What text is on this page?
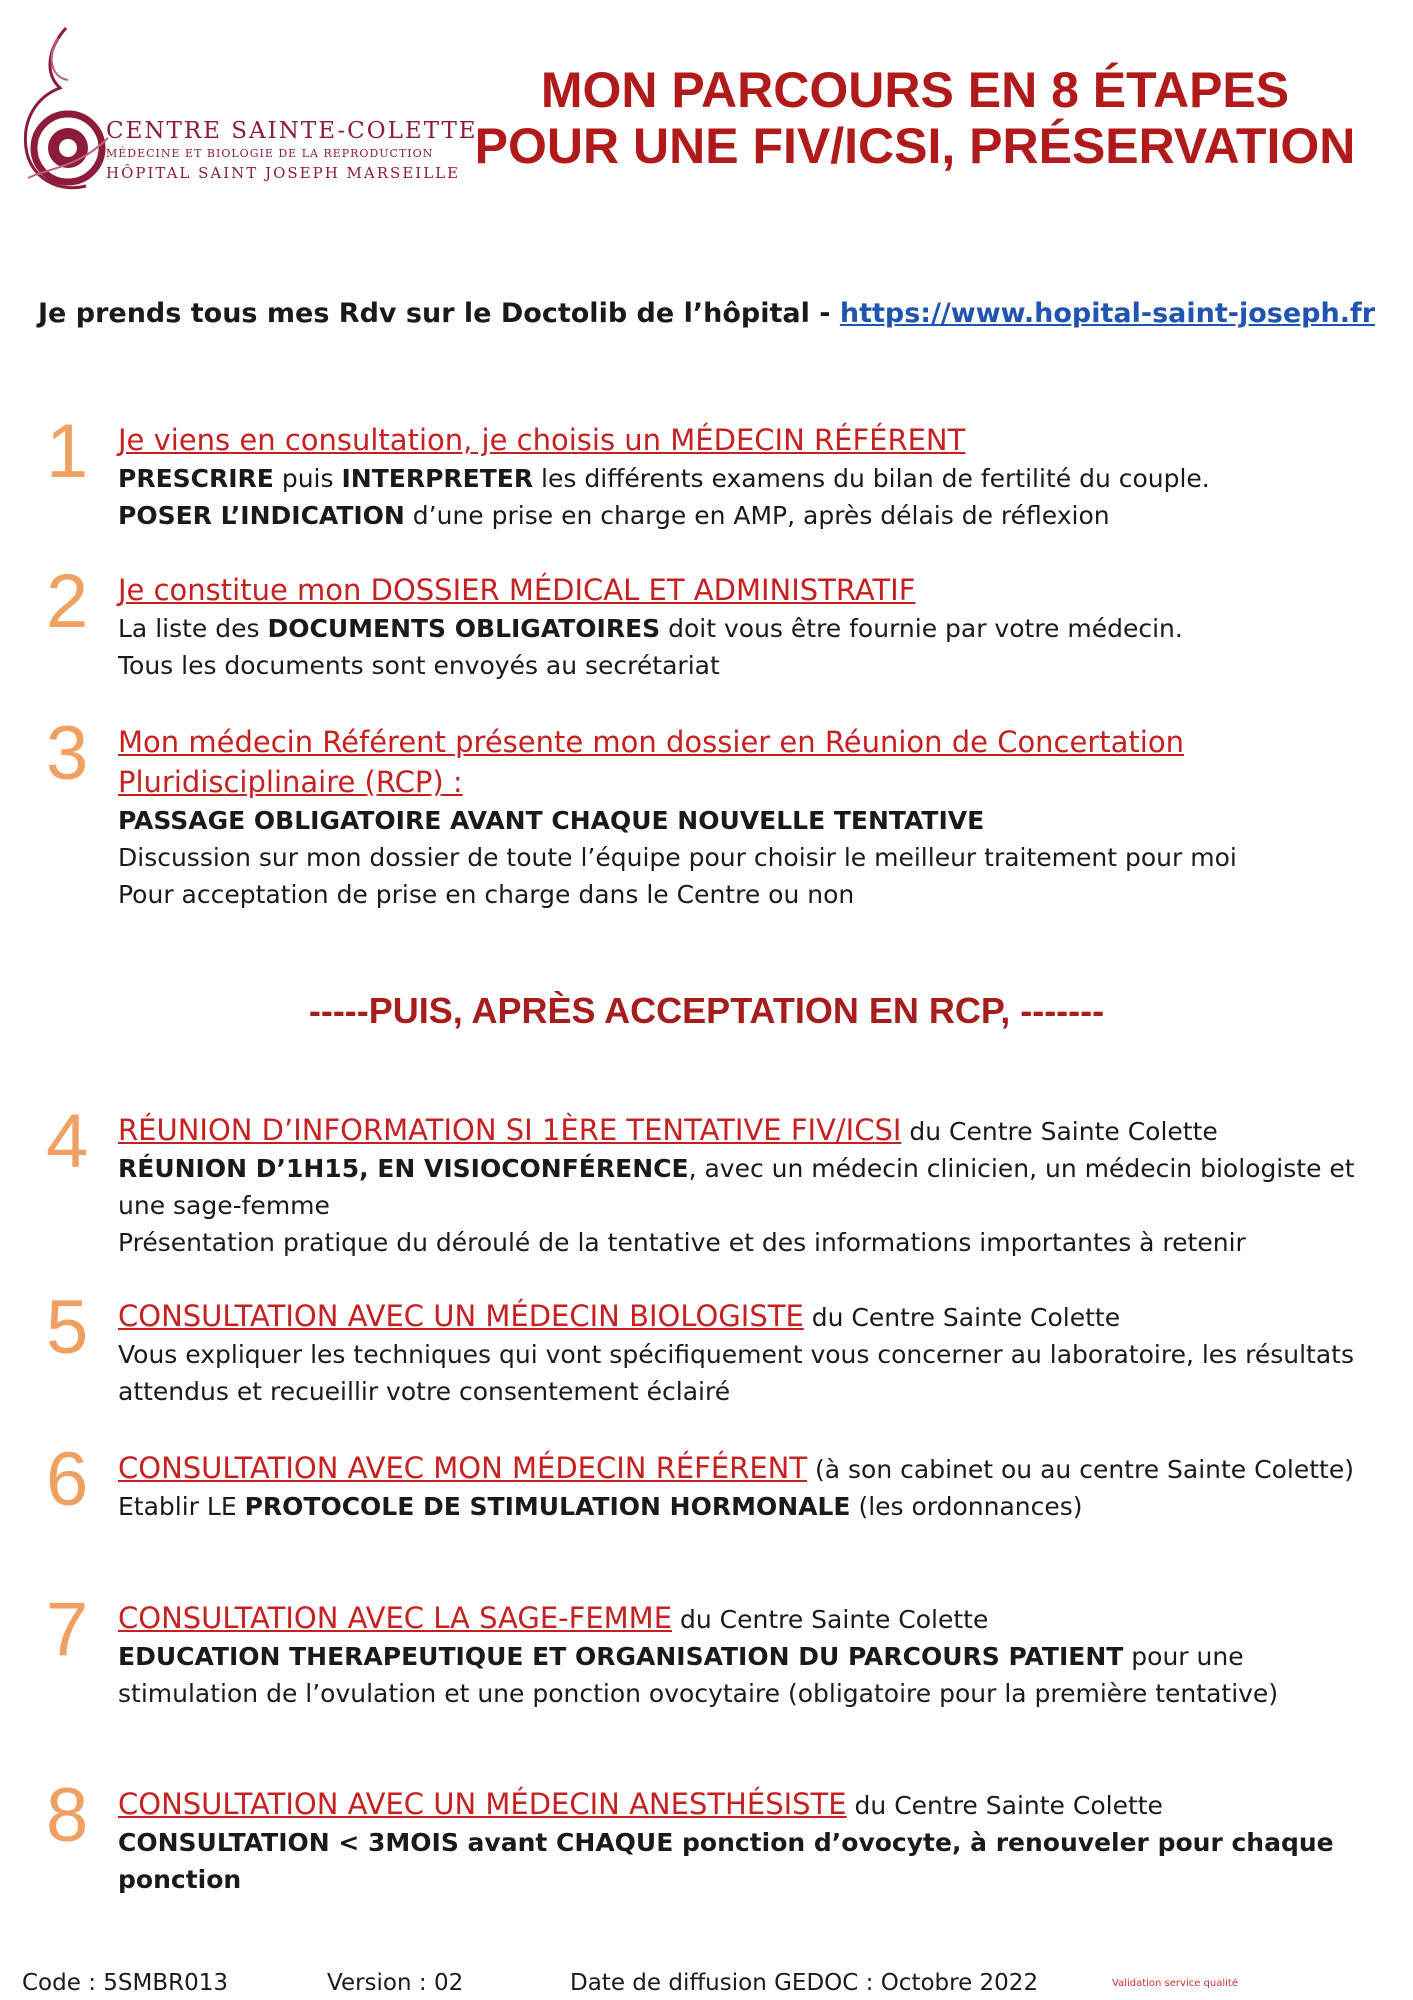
CENTRE SAINTE-COLETTE
MÉDECINE ET BIOLOGIE DE LA REPRODUCTION
HÔPITAL SAINT JOSEPH MARSEILLE
MON PARCOURS EN 8 ÉTAPES
POUR UNE FIV/ICSI, PRÉSERVATION
Je prends tous mes Rdv sur le Doctolib de l’hôpital - https://www.hopital-saint-joseph.fr
1 Je viens en consultation, je choisis un MÉDECIN RÉFÉRENT
PRESCRIRE puis INTERPRETER les différents examens du bilan de fertilité du couple.
POSER L’INDICATION d’une prise en charge en AMP, après délais de réflexion
2 Je constitue mon DOSSIER MÉDICAL ET ADMINISTRATIF
La liste des DOCUMENTS OBLIGATOIRES doit vous être fournie par votre médecin.
Tous les documents sont envoyés au secrétariat
3 Mon médecin Référent présente mon dossier en Réunion de Concertation
Pluridisciplinaire (RCP) :
PASSAGE OBLIGATOIRE AVANT CHAQUE NOUVELLE TENTATIVE
Discussion sur mon dossier de toute l’équipe pour choisir le meilleur traitement pour moi
Pour acceptation de prise en charge dans le Centre ou non
-----PUIS, APRÈS ACCEPTATION EN RCP, -------
4 RÉUNION D’INFORMATION SI 1ÈRE TENTATIVE FIV/ICSI du Centre Sainte Colette
RÉUNION D’1H15, EN VISIOCONFÉRENCE, avec un médecin clinicien, un médecin biologiste et une sage-femme
Présentation pratique du déroulé de la tentative et des informations importantes à retenir
5 CONSULTATION AVEC UN MÉDECIN BIOLOGISTE du Centre Sainte Colette
Vous expliquer les techniques qui vont spécifiquement vous concerner au laboratoire, les résultats attendus et recueillir votre consentement éclairé
6 CONSULTATION AVEC MON MÉDECIN RÉFÉRENT (à son cabinet ou au centre Sainte Colette)
Etablir LE PROTOCOLE DE STIMULATION HORMONALE (les ordonnances)
7 CONSULTATION AVEC LA SAGE-FEMME du Centre Sainte Colette
EDUCATION THERAPEUTIQUE ET ORGANISATION DU PARCOURS PATIENT pour une stimulation de l’ovulation et une ponction ovocytaire (obligatoire pour la première tentative)
8 CONSULTATION AVEC UN MÉDECIN ANESTHÉSISTE du Centre Sainte Colette
CONSULTATION < 3MOIS avant CHAQUE ponction d’ovocyte, à renouveler pour chaque ponction
Code : 5SMBR013	Version : 02	Date de diffusion GEDOC : Octobre 2022	Validation service qualité
